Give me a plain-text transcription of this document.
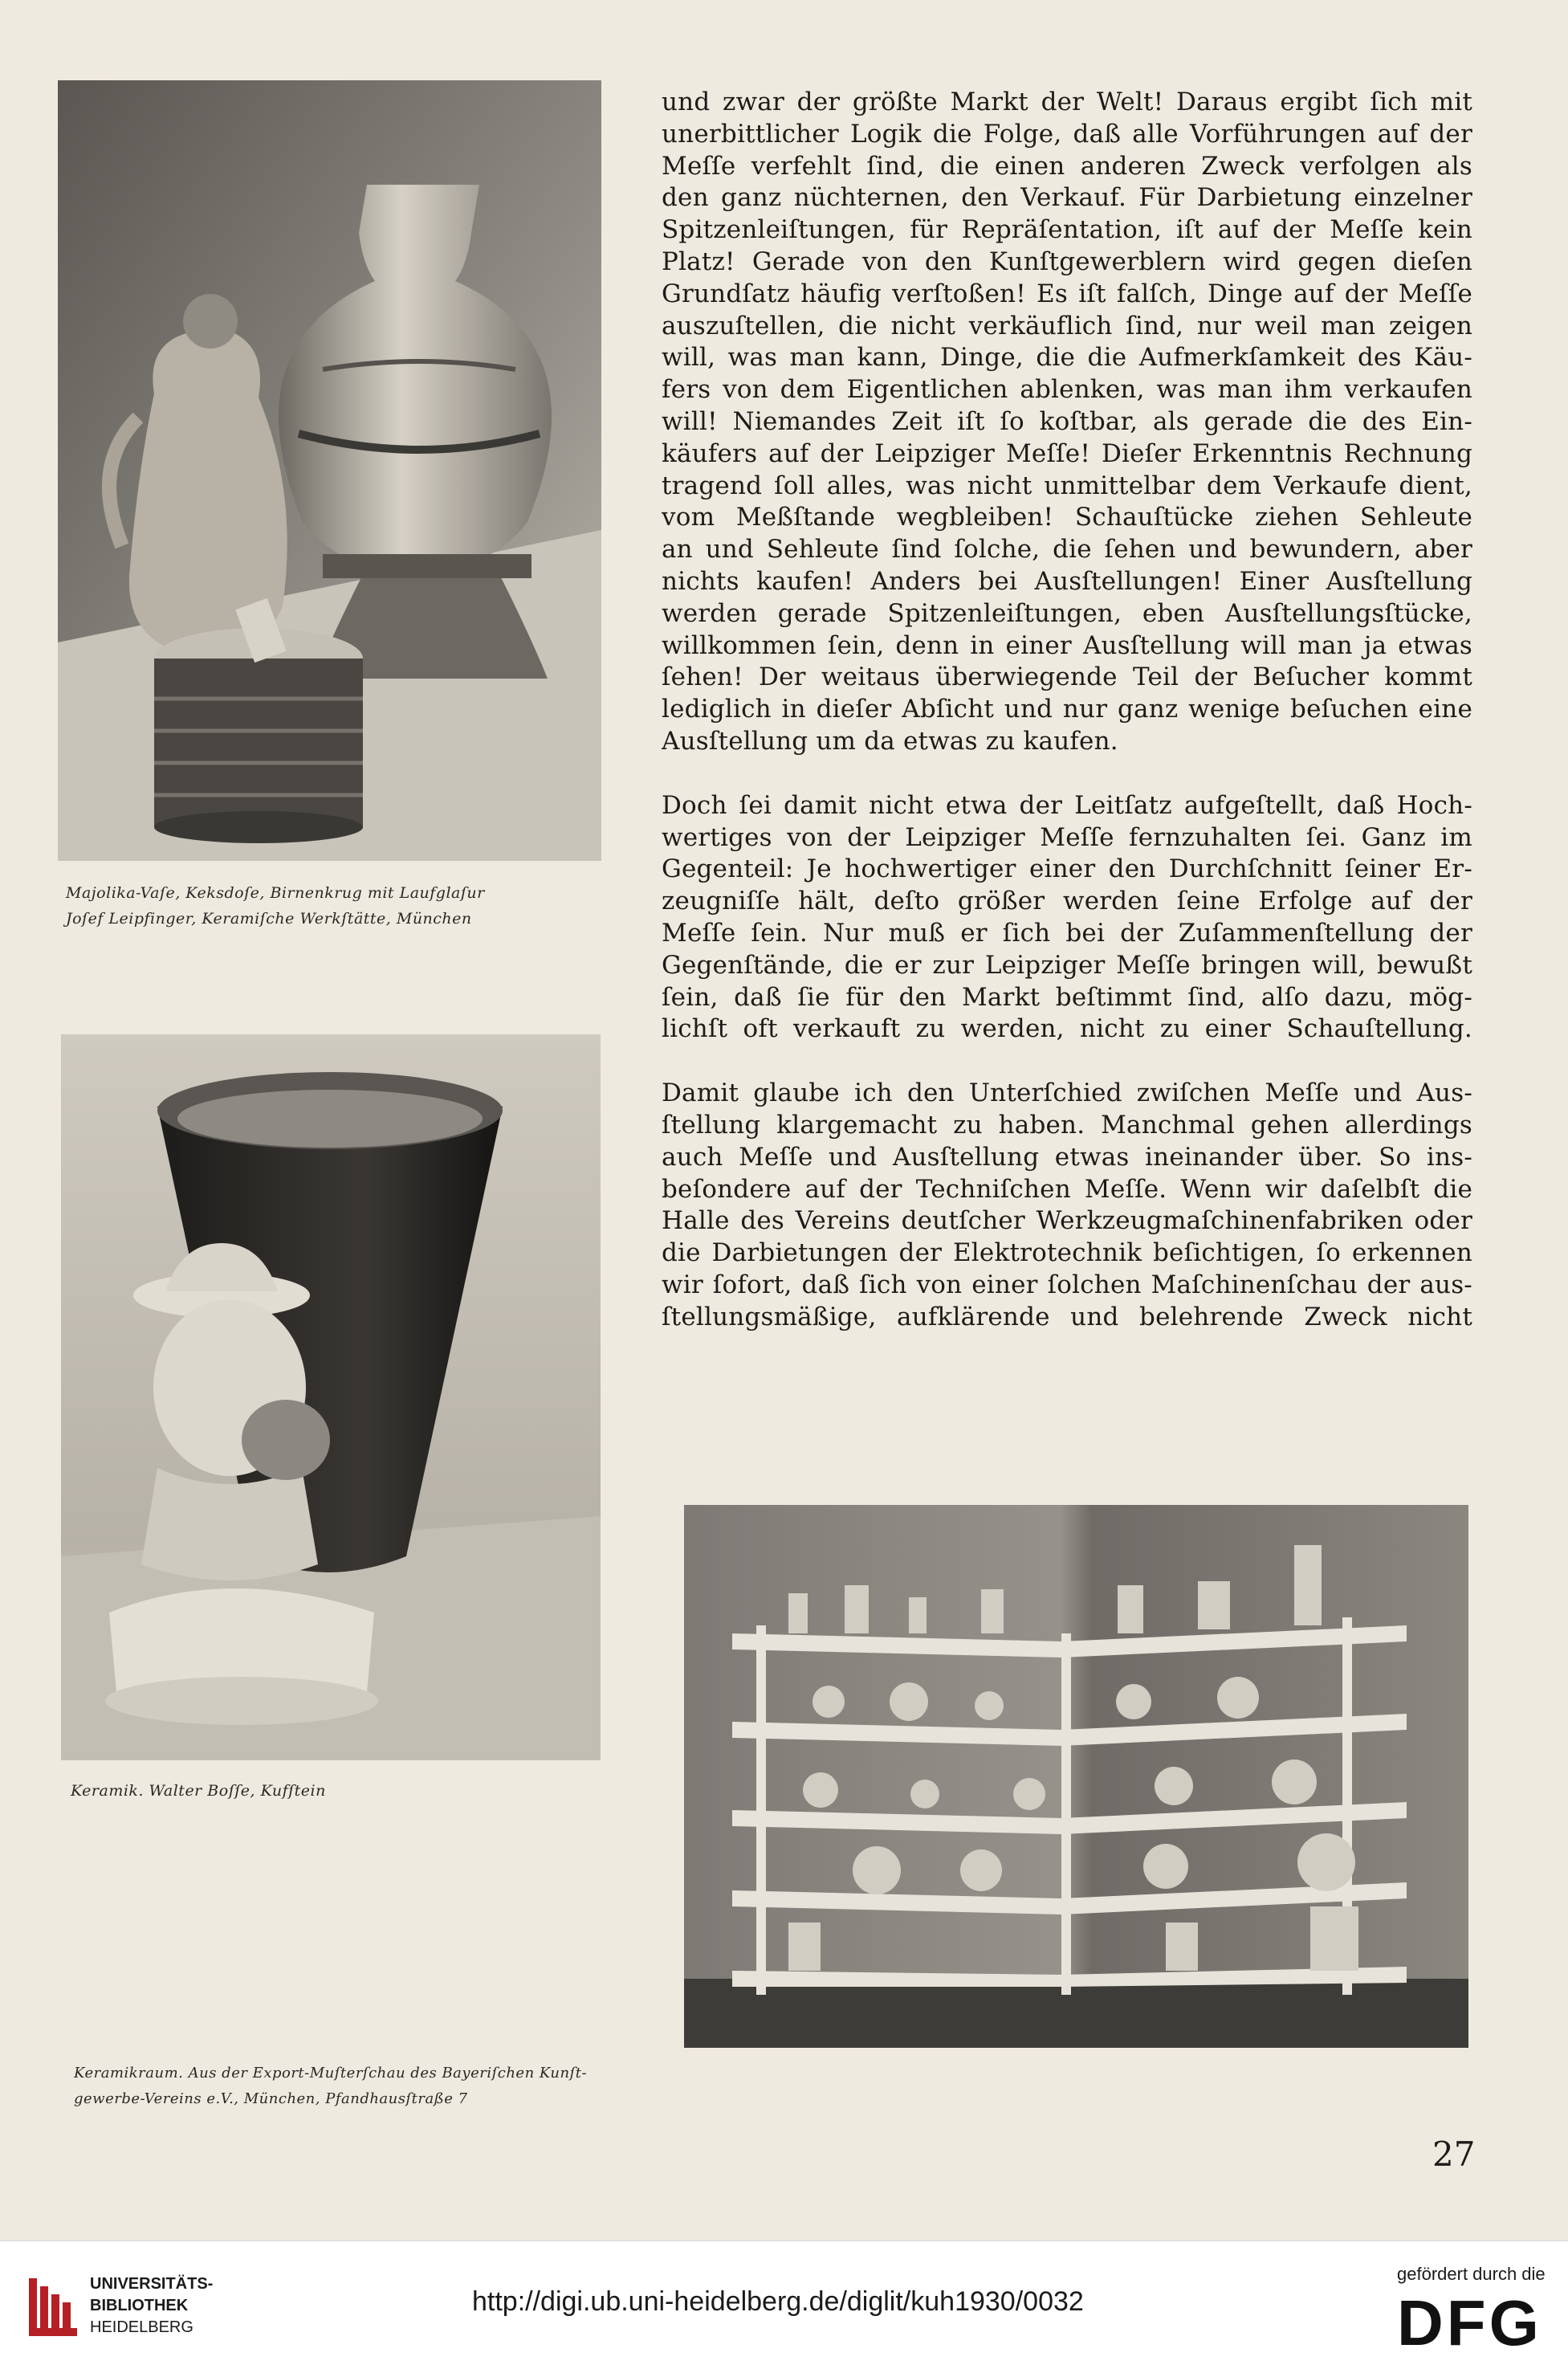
Majolika-Vaſe, Keksdoſe, Birnenkrug mit Laufglaſur
Joſef Leipfinger, Keramiſche Werkſtätte, München
Keramik. Walter Boſſe, Kufſtein
Keramikraum. Aus der Export-Muſterſchau des Bayeriſchen Kunſt-
gewerbe-Vereins e.V., München, Pfandhausſtraße 7
und zwar der größte Markt der Welt! Daraus ergibt ſich mit
unerbittlicher Logik die Folge, daß alle Vorführungen auf der
Meſſe verfehlt ſind, die einen anderen Zweck verfolgen als
den ganz nüchternen, den Verkauf. Für Darbietung einzelner
Spitzenleiſtungen, für Repräſentation, iſt auf der Meſſe kein
Platz! Gerade von den Kunſtgewerblern wird gegen dieſen
Grundſatz häufig verſtoßen! Es iſt falſch, Dinge auf der Meſſe
auszuſtellen, die nicht verkäuflich ſind, nur weil man zeigen
will, was man kann, Dinge, die die Aufmerkſamkeit des Käu-
fers von dem Eigentlichen ablenken, was man ihm verkaufen
will! Niemandes Zeit iſt ſo koſtbar, als gerade die des Ein-
käufers auf der Leipziger Meſſe! Dieſer Erkenntnis Rechnung
tragend ſoll alles, was nicht unmittelbar dem Verkaufe dient,
vom Meßſtande wegbleiben! Schauſtücke ziehen Sehleute
an und Sehleute ſind ſolche, die ſehen und bewundern, aber
nichts kaufen! Anders bei Ausſtellungen! Einer Ausſtellung
werden gerade Spitzenleiſtungen, eben Ausſtellungsſtücke,
willkommen ſein, denn in einer Ausſtellung will man ja etwas
ſehen! Der weitaus überwiegende Teil der Beſucher kommt
lediglich in dieſer Abſicht und nur ganz wenige beſuchen eine
Ausſtellung um da etwas zu kaufen.
Doch ſei damit nicht etwa der Leitſatz aufgeſtellt, daß Hoch-
wertiges von der Leipziger Meſſe fernzuhalten ſei. Ganz im
Gegenteil: Je hochwertiger einer den Durchſchnitt ſeiner Er-
zeugniſſe hält, deſto größer werden ſeine Erfolge auf der
Meſſe ſein. Nur muß er ſich bei der Zuſammenſtellung der
Gegenſtände, die er zur Leipziger Meſſe bringen will, bewußt
ſein, daß ſie für den Markt beſtimmt ſind, alſo dazu, mög-
lichſt oft verkauft zu werden, nicht zu einer Schauſtellung.
Damit glaube ich den Unterſchied zwiſchen Meſſe und Aus-
ſtellung klargemacht zu haben. Manchmal gehen allerdings
auch Meſſe und Ausſtellung etwas ineinander über. So ins-
beſondere auf der Techniſchen Meſſe. Wenn wir daſelbſt die
Halle des Vereins deutſcher Werkzeugmaſchinenfabriken oder
die Darbietungen der Elektrotechnik beſichtigen, ſo erkennen
wir ſofort, daß ſich von einer ſolchen Maſchinenſchau der aus-
ſtellungsmäßige, aufklärende und belehrende Zweck nicht
27
UNIVERSITÄTS-
BIBLIOTHEK
HEIDELBERG
http://digi.ub.uni-heidelberg.de/diglit/kuh1930/0032
gefördert durch die
DFG
